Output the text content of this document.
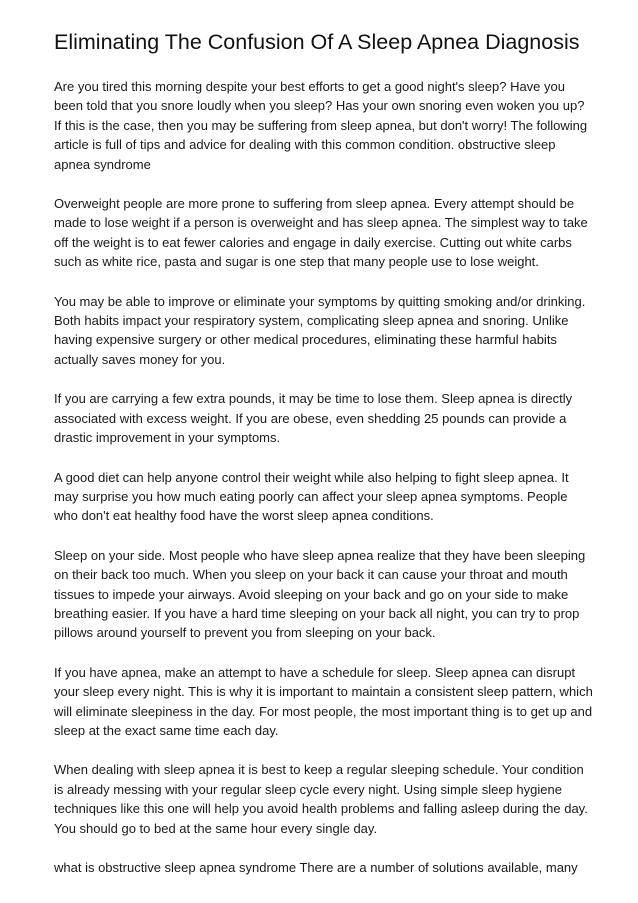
Eliminating The Confusion Of A Sleep Apnea Diagnosis

Are you tired this morning despite your best efforts to get a good night's sleep? Have you been told that you snore loudly when you sleep? Has your own snoring even woken you up? If this is the case, then you may be suffering from sleep apnea, but don't worry! The following article is full of tips and advice for dealing with this common condition. obstructive sleep apnea syndrome

Overweight people are more prone to suffering from sleep apnea. Every attempt should be made to lose weight if a person is overweight and has sleep apnea. The simplest way to take off the weight is to eat fewer calories and engage in daily exercise. Cutting out white carbs such as white rice, pasta and sugar is one step that many people use to lose weight.

You may be able to improve or eliminate your symptoms by quitting smoking and/or drinking. Both habits impact your respiratory system, complicating sleep apnea and snoring. Unlike having expensive surgery or other medical procedures, eliminating these harmful habits actually saves money for you.

If you are carrying a few extra pounds, it may be time to lose them. Sleep apnea is directly associated with excess weight. If you are obese, even shedding 25 pounds can provide a drastic improvement in your symptoms.

A good diet can help anyone control their weight while also helping to fight sleep apnea. It may surprise you how much eating poorly can affect your sleep apnea symptoms. People who don't eat healthy food have the worst sleep apnea conditions.

Sleep on your side. Most people who have sleep apnea realize that they have been sleeping on their back too much. When you sleep on your back it can cause your throat and mouth tissues to impede your airways. Avoid sleeping on your back and go on your side to make breathing easier. If you have a hard time sleeping on your back all night, you can try to prop pillows around yourself to prevent you from sleeping on your back.

If you have apnea, make an attempt to have a schedule for sleep. Sleep apnea can disrupt your sleep every night. This is why it is important to maintain a consistent sleep pattern, which will eliminate sleepiness in the day. For most people, the most important thing is to get up and sleep at the exact same time each day.

When dealing with sleep apnea it is best to keep a regular sleeping schedule. Your condition is already messing with your regular sleep cycle every night. Using simple sleep hygiene techniques like this one will help you avoid health problems and falling asleep during the day. You should go to bed at the same hour every single day.

what is obstructive sleep apnea syndrome There are a number of solutions available, many
